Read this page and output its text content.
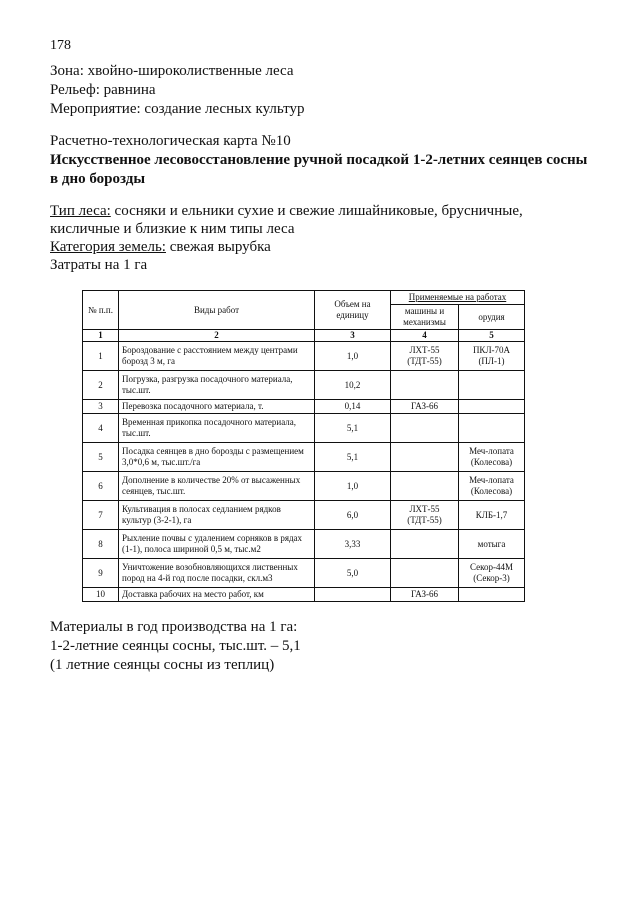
178
Зона: хвойно-широколиственные леса
Рельеф: равнина
Мероприятие: создание лесных культур
Расчетно-технологическая карта №10
Искусственное лесовосстановление ручной посадкой 1-2-летних сеянцев сосны в дно борозды
Тип леса: сосняки и ельники сухие и свежие лишайниковые, брусничные, кисличные и близкие к ним типы леса
Категория земель: свежая вырубка
Затраты на 1 га
№ п.п.	Виды работ	Объем на единицу	Применяемые на работах	
			машины и механизмы	орудия
1	2	3	4	5
1	Бороздование с расстоянием между центрами борозд 3 м, га	1,0	ЛХТ-55 (ТДТ-55)	ПКЛ-70А (ПЛ-1)
2	Погрузка, разгрузка посадочного материала, тыс.шт.	10,2		
3	Перевозка посадочного материала, т.	0,14	ГАЗ-66	
4	Временная прикопка посадочного материала, тыс.шт.	5,1		
5	Посадка сеянцев в дно борозды с размещением 3,0*0,6 м, тыс.шт./га	5,1		Меч-лопата (Колесова)
6	Дополнение в количестве 20% от высаженных сеянцев, тыс.шт.	1,0		Меч-лопата (Колесова)
7	Культивация в полосах седланием рядков культур (3-2-1), га	6,0	ЛХТ-55 (ТДТ-55)	КЛБ-1,7
8	Рыхление почвы с удалением сорняков в рядах (1-1), полоса шириной 0,5 м, тыс.м2	3,33		мотыга
9	Уничтожение возобновляющихся лиственных пород на 4-й год после посадки, скл.м3	5,0		Секор-44М (Секор-3)
10	Доставка рабочих на место работ, км		ГАЗ-66	
Материалы в год производства на 1 га:
1-2-летние сеянцы сосны, тыс.шт. – 5,1
(1 летние сеянцы сосны из теплиц)
